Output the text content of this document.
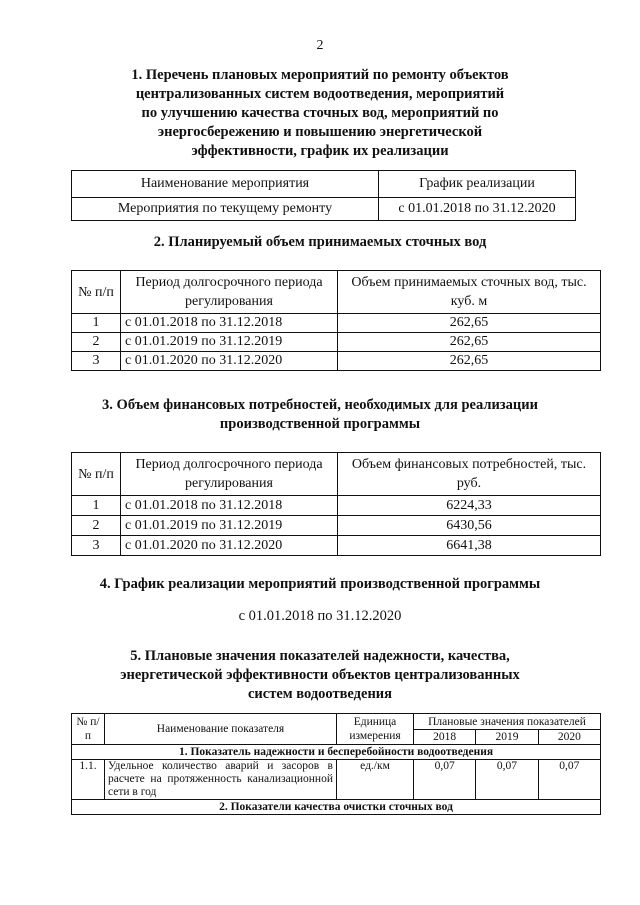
2
1. Перечень плановых мероприятий по ремонту объектов
централизованных систем водоотведения, мероприятий
по улучшению качества сточных вод, мероприятий по
энергосбережению и повышению энергетической
эффективности, график их реализации
Наименование мероприятия	График реализации
Мероприятия по текущему ремонту	с 01.01.2018 по 31.12.2020
2. Планируемый объем принимаемых сточных вод
№ п/п	Период долгосрочного периода регулирования	Объем принимаемых сточных вод, тыс. куб. м
1	с 01.01.2018 по 31.12.2018	262,65
2	с 01.01.2019 по 31.12.2019	262,65
3	с 01.01.2020 по 31.12.2020	262,65
3. Объем финансовых потребностей, необходимых для реализации
производственной программы
№ п/п	Период долгосрочного периода регулирования	Объем финансовых потребностей, тыс. руб.
1	с 01.01.2018 по 31.12.2018	6224,33
2	с 01.01.2019 по 31.12.2019	6430,56
3	с 01.01.2020 по 31.12.2020	6641,38
4. График реализации мероприятий производственной программы
с 01.01.2018 по 31.12.2020
5. Плановые значения показателей надежности, качества,
энергетической эффективности объектов централизованных
систем водоотведения
№ п/п	Наименование показателя	Единица измерения	Плановые значения показателей		
			2018	2019	2020
1. Показатель надежности и бесперебойности водоотведения					
1.1.	Удельное количество аварий и засоров в расчете на протяженность канализационной сети в год	ед./км	0,07	0,07	0,07
2. Показатели качества очистки сточных вод					
